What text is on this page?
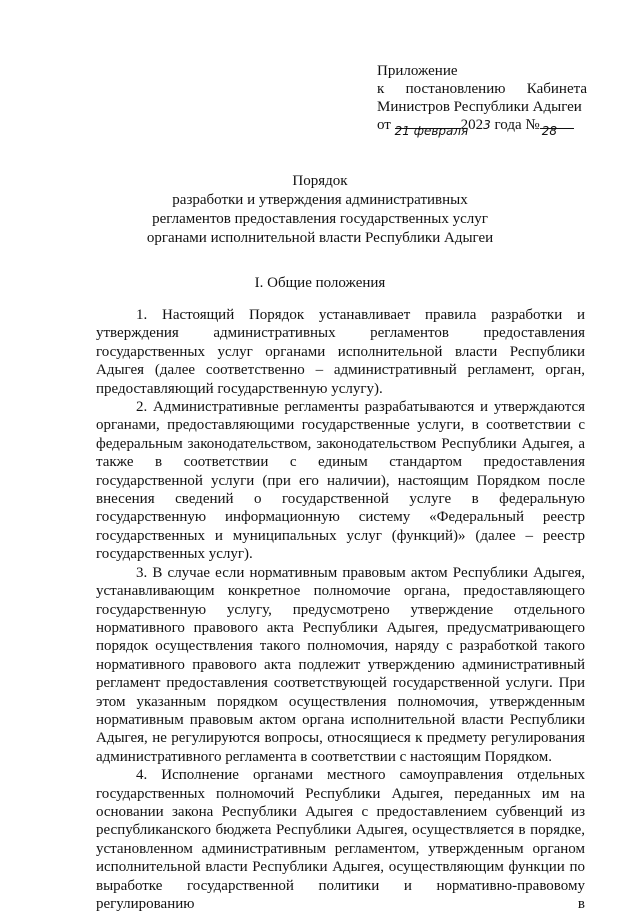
Приложение
к постановлению Кабинета
Министров Республики Адыгеи
от 21 февраля
2023 года № 28
Порядок
разработки и утверждения административных
регламентов предоставления государственных услуг
органами исполнительной власти Республики Адыгеи
I. Общие положения

1. Настоящий Порядок устанавливает правила разработки и утверждения административных регламентов предоставления государственных услуг органами исполнительной власти Республики Адыгея (далее соответственно – административный регламент, орган, предоставляющий государственную услугу).

2. Административные регламенты разрабатываются и утверждаются органами, предоставляющими государственные услуги, в соответствии с федеральным законодательством, законодательством Республики Адыгея, а также в соответствии с единым стандартом предоставления государственной услуги (при его наличии), настоящим Порядком после внесения сведений о государственной услуге в федеральную государственную информационную систему «Федеральный реестр государственных и муниципальных услуг (функций)» (далее – реестр государственных услуг).

3. В случае если нормативным правовым актом Республики Адыгея, устанавливающим конкретное полномочие органа, предоставляющего государственную услугу, предусмотрено утверждение отдельного нормативного правового акта Республики Адыгея, предусматривающего порядок осуществления такого полномочия, наряду с разработкой такого нормативного правового акта подлежит утверждению административный регламент предоставления соответствующей государственной услуги. При этом указанным порядком осуществления полномочия, утвержденным нормативным правовым актом органа исполнительной власти Республики Адыгея, не регулируются вопросы, относящиеся к предмету регулирования административного регламента в соответствии с настоящим Порядком.

4. Исполнение органами местного самоуправления отдельных государственных полномочий Республики Адыгея, переданных им на основании закона Республики Адыгея с предоставлением субвенций из республиканского бюджета Республики Адыгея, осуществляется в порядке, установленном административным регламентом, утвержденным органом исполнительной власти Республики Адыгея, осуществляющим функции по выработке государственной политики и нормативно-правовому регулированию в
